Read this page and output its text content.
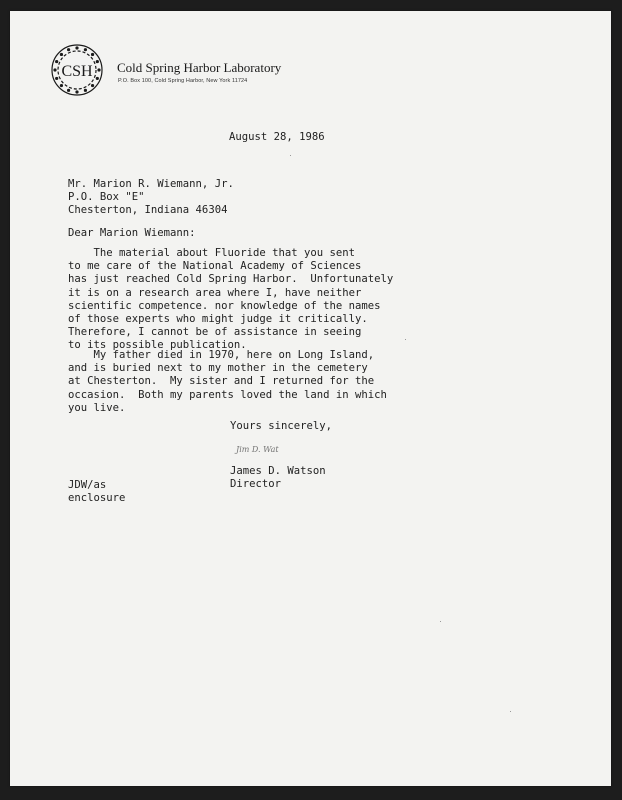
CSH Cold Spring Harbor Laboratory
P.O. Box 100, Cold Spring Harbor, New York 11724
August 28, 1986
Mr. Marion R. Wiemann, Jr.
P.O. Box "E"
Chesterton, Indiana 46304
Dear Marion Wiemann:
The material about Fluoride that you sent
to me care of the National Academy of Sciences
has just reached Cold Spring Harbor.  Unfortunately
it is on a research area where I, have neither
scientific competence. nor knowledge of the names
of those experts who might judge it critically.
Therefore, I cannot be of assistance in seeing
to its possible publication.
My father died in 1970, here on Long Island,
and is buried next to my mother in the cemetery
at Chesterton.  My sister and I returned for the
occasion.  Both my parents loved the land in which
you live.
Yours sincerely,
Jim D. Wat
James D. Watson
Director
JDW/as
enclosure
